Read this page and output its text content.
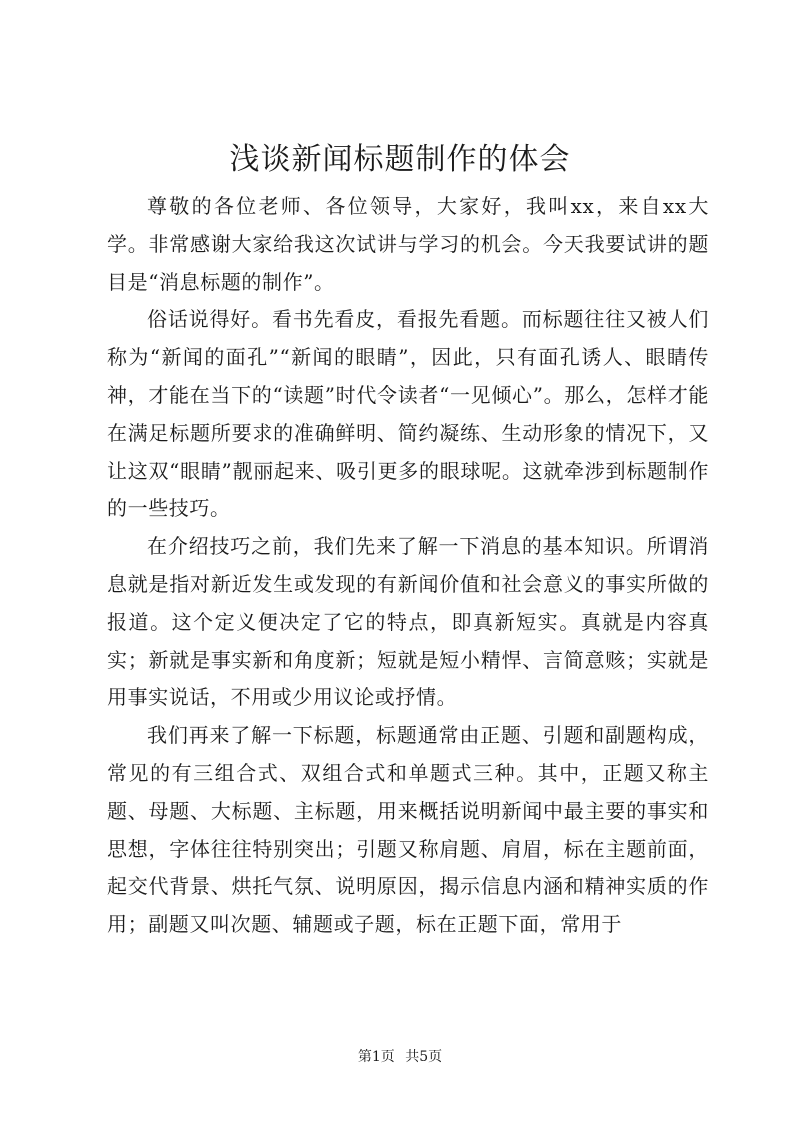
浅谈新闻标题制作的体会

尊敬的各位老师、各位领导，大家好，我叫xx，来自xx大学。非常感谢大家给我这次试讲与学习的机会。今天我要试讲的题目是“消息标题的制作”。

俗话说得好。看书先看皮，看报先看题。而标题往往又被人们称为“新闻的面孔”“新闻的眼睛”，因此，只有面孔诱人、眼睛传神，才能在当下的“读题”时代令读者“一见倾心”。那么，怎样才能在满足标题所要求的准确鲜明、简约凝练、生动形象的情况下，又让这双“眼睛”靓丽起来、吸引更多的眼球呢。这就牵涉到标题制作的一些技巧。

在介绍技巧之前，我们先来了解一下消息的基本知识。所谓消息就是指对新近发生或发现的有新闻价值和社会意义的事实所做的报道。这个定义便决定了它的特点，即真新短实。真就是内容真实；新就是事实新和角度新；短就是短小精悍、言简意赅；实就是用事实说话，不用或少用议论或抒情。

我们再来了解一下标题，标题通常由正题、引题和副题构成，常见的有三组合式、双组合式和单题式三种。其中，正题又称主题、母题、大标题、主标题，用来概括说明新闻中最主要的事实和思想，字体往往特别突出；引题又称肩题、肩眉，标在主题前面，起交代背景、烘托气氛、说明原因，揭示信息内涵和精神实质的作用；副题又叫次题、辅题或子题，标在正题下面，常用于

第1页 共5页
